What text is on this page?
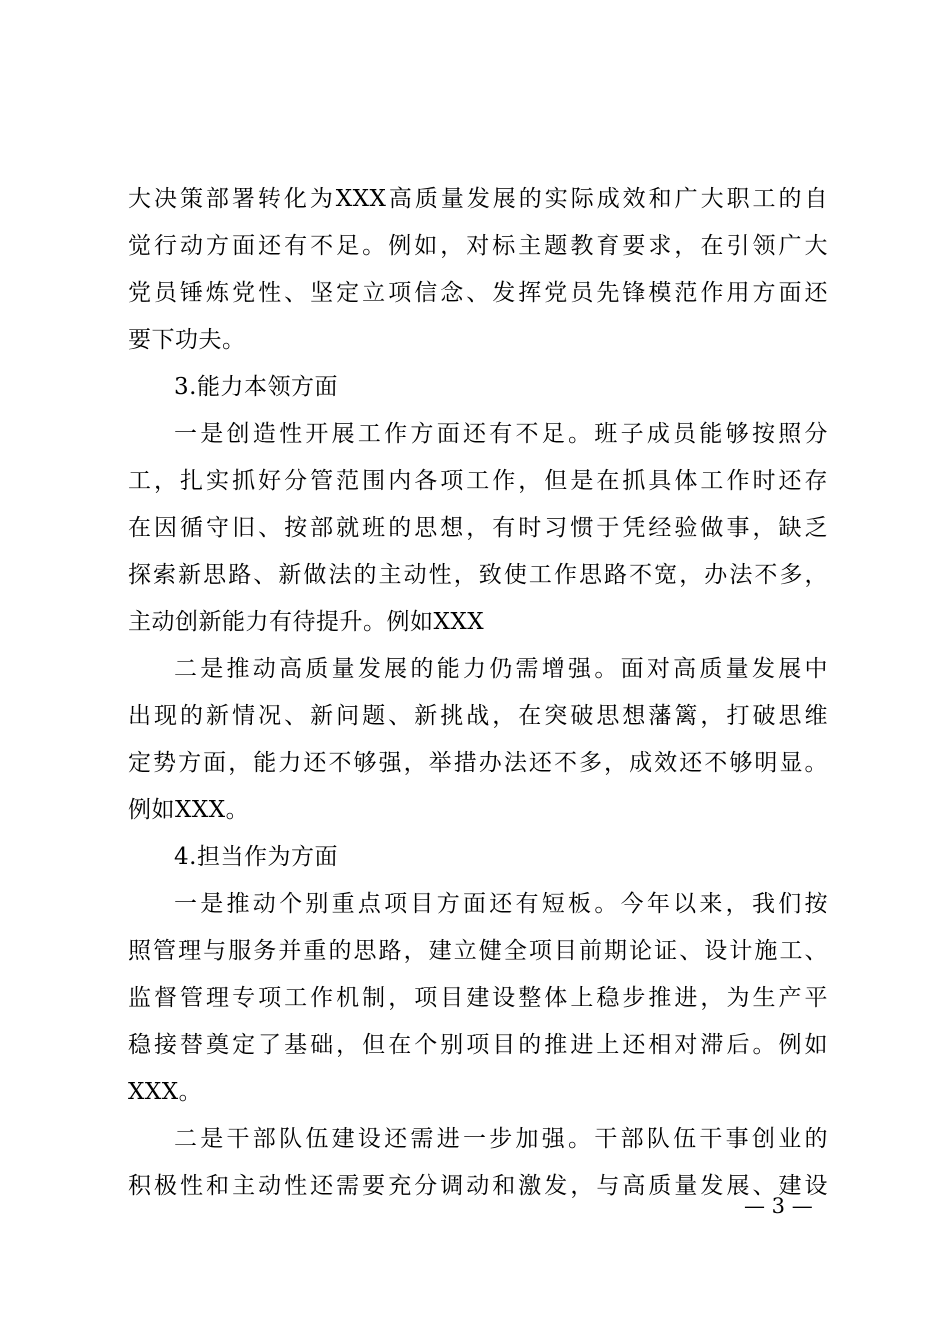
大决策部署转化为XXX高质量发展的实际成效和广大职工的自
觉行动方面还有不足。例如，对标主题教育要求，在引领广大
党员锤炼党性、坚定立项信念、发挥党员先锋模范作用方面还
要下功夫。
3.能力本领方面
一是创造性开展工作方面还有不足。班子成员能够按照分
工，扎实抓好分管范围内各项工作，但是在抓具体工作时还存
在因循守旧、按部就班的思想，有时习惯于凭经验做事，缺乏
探索新思路、新做法的主动性，致使工作思路不宽，办法不多，
主动创新能力有待提升。例如XXX
二是推动高质量发展的能力仍需增强。面对高质量发展中
出现的新情况、新问题、新挑战，在突破思想藩篱，打破思维
定势方面，能力还不够强，举措办法还不多，成效还不够明显。
例如XXX。
4.担当作为方面
一是推动个别重点项目方面还有短板。今年以来，我们按
照管理与服务并重的思路，建立健全项目前期论证、设计施工、
监督管理专项工作机制，项目建设整体上稳步推进，为生产平
稳接替奠定了基础，但在个别项目的推进上还相对滞后。例如
XXX。
二是干部队伍建设还需进一步加强。干部队伍干事创业的
积极性和主动性还需要充分调动和激发，与高质量发展、建设
— 3 —
